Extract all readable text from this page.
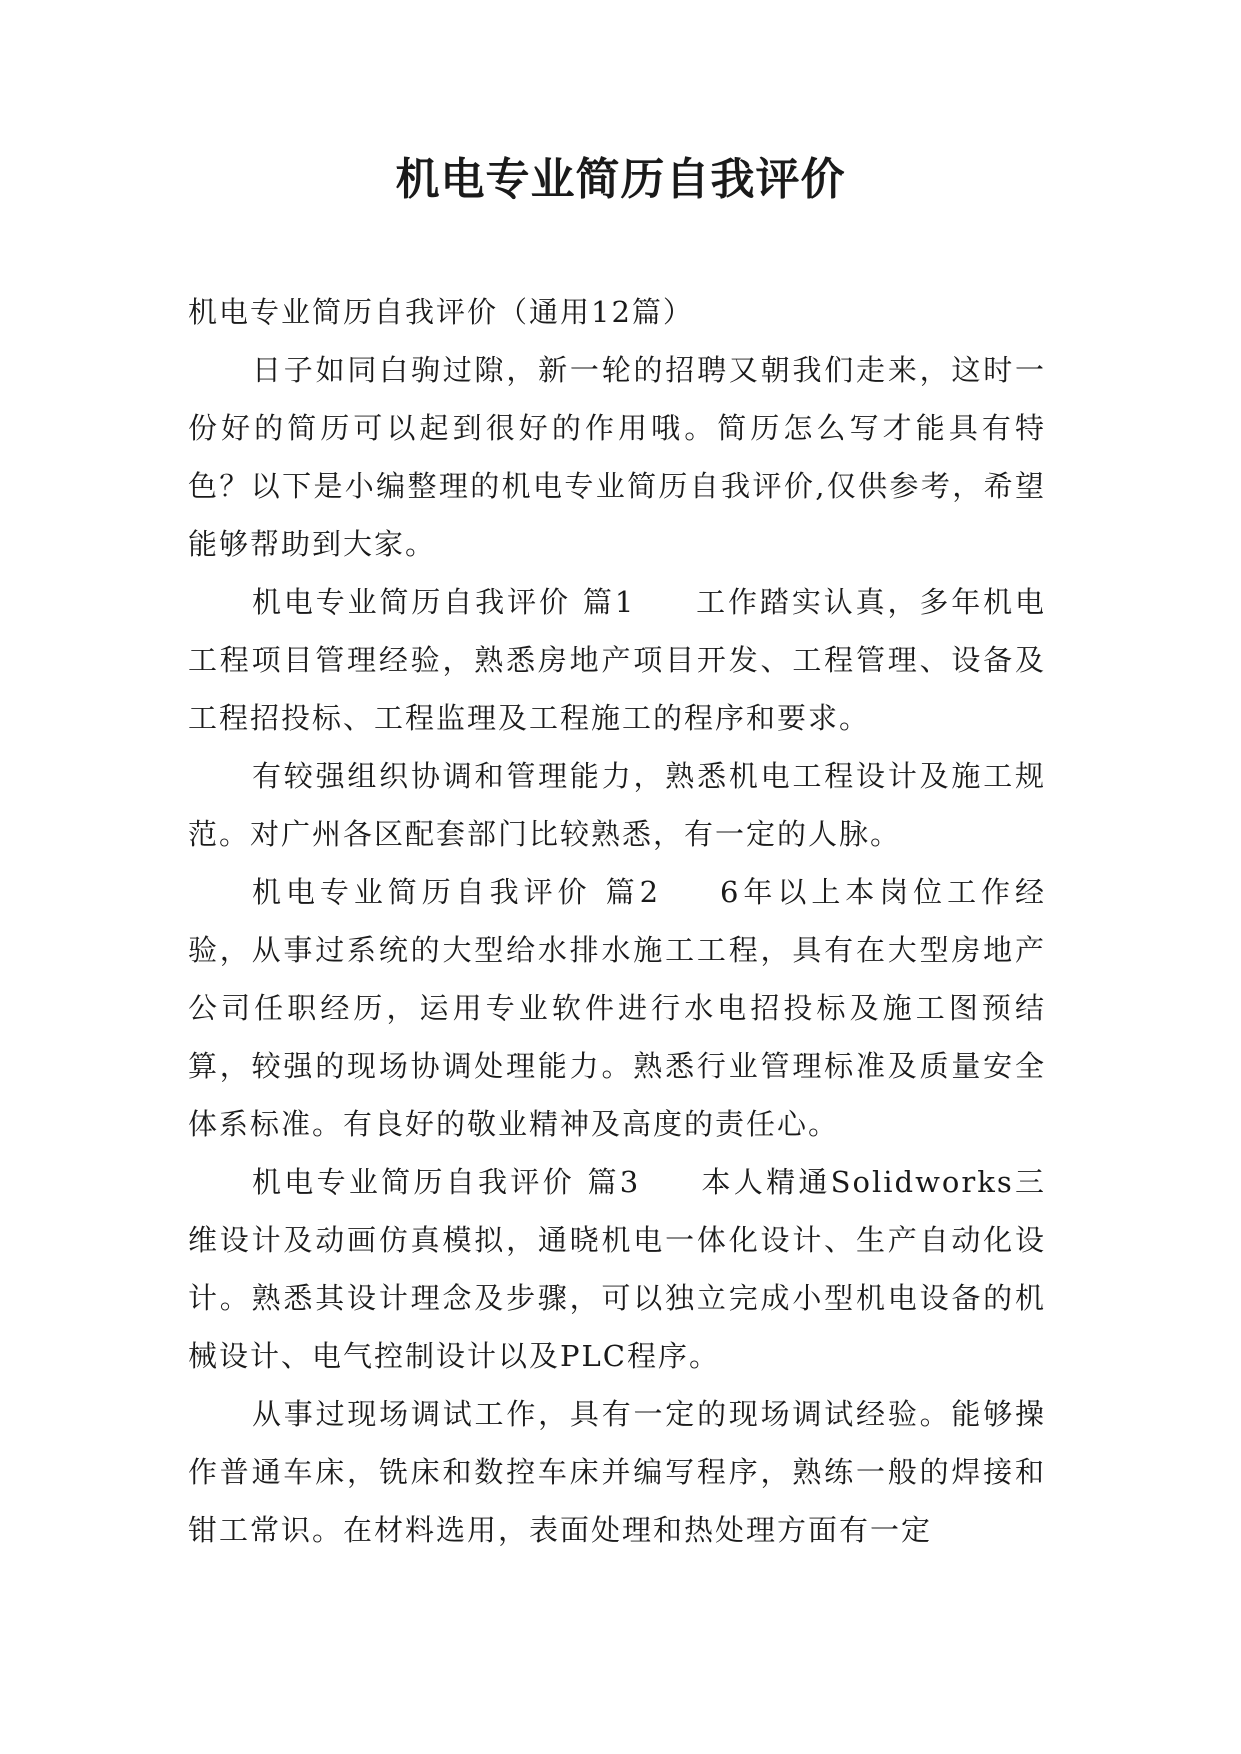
机电专业简历自我评价

机电专业简历自我评价（通用12篇）

日子如同白驹过隙，新一轮的招聘又朝我们走来，这时一份好的简历可以起到很好的作用哦。简历怎么写才能具有特色？以下是小编整理的机电专业简历自我评价,仅供参考，希望能够帮助到大家。

机电专业简历自我评价 篇1 工作踏实认真，多年机电工程项目管理经验，熟悉房地产项目开发、工程管理、设备及工程招投标、工程监理及工程施工的程序和要求。

有较强组织协调和管理能力，熟悉机电工程设计及施工规范。对广州各区配套部门比较熟悉，有一定的人脉。

机电专业简历自我评价 篇2 6年以上本岗位工作经验，从事过系统的大型给水排水施工工程，具有在大型房地产公司任职经历，运用专业软件进行水电招投标及施工图预结算，较强的现场协调处理能力。熟悉行业管理标准及质量安全体系标准。有良好的敬业精神及高度的责任心。

机电专业简历自我评价 篇3 本人精通Solidworks三维设计及动画仿真模拟，通晓机电一体化设计、生产自动化设计。熟悉其设计理念及步骤，可以独立完成小型机电设备的机械设计、电气控制设计以及PLC程序。

从事过现场调试工作，具有一定的现场调试经验。能够操作普通车床，铣床和数控车床并编写程序，熟练一般的焊接和钳工常识。在材料选用，表面处理和热处理方面有一定
